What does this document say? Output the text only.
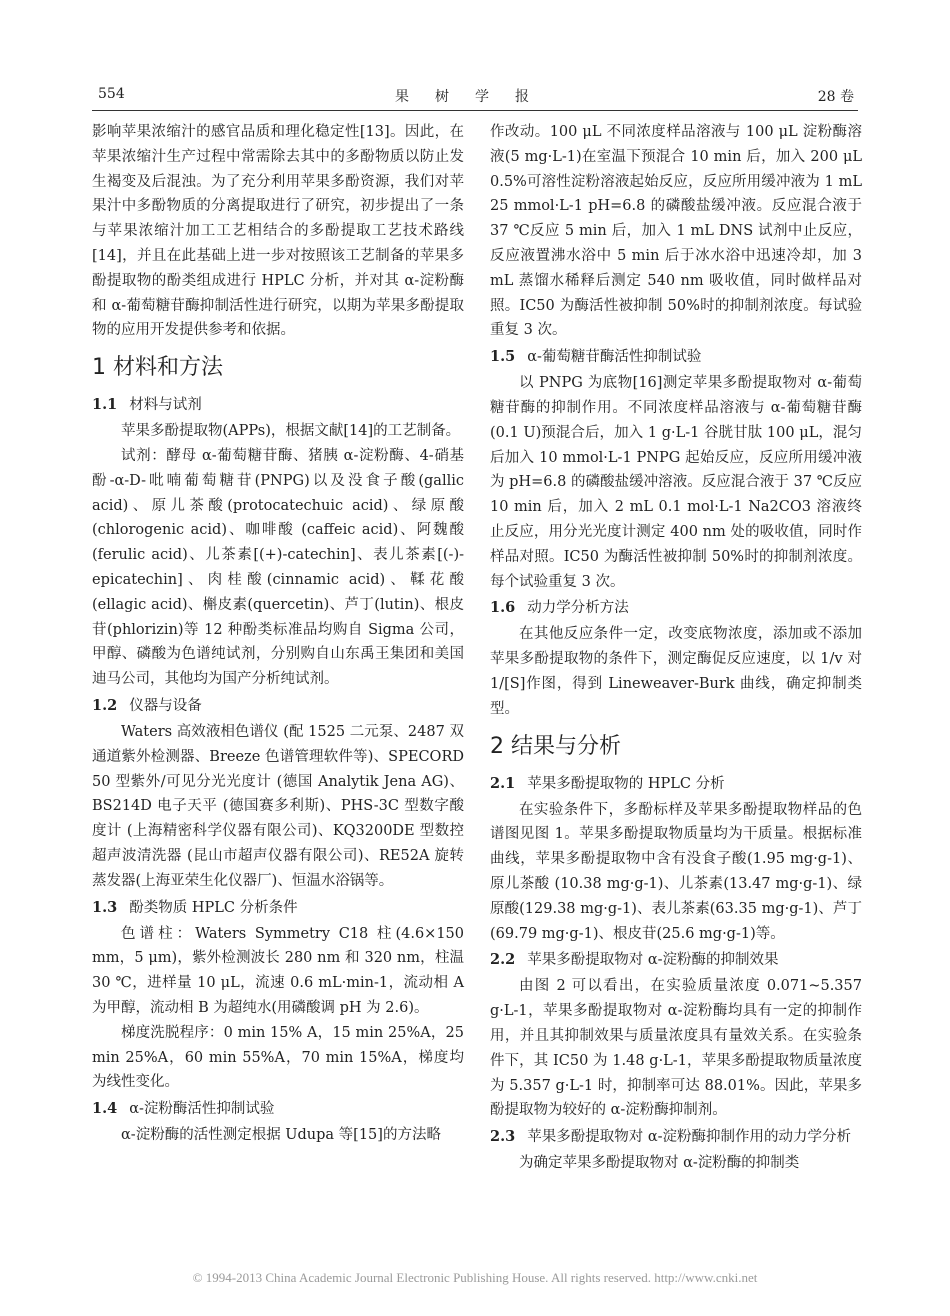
554	果树学报	28 卷

影响苹果浓缩汁的感官品质和理化稳定性[13]。因此，在苹果浓缩汁生产过程中常需除去其中的多酚物质以防止发生褐变及后混浊。为了充分利用苹果多酚资源，我们对苹果汁中多酚物质的分离提取进行了研究，初步提出了一条与苹果浓缩汁加工工艺相结合的多酚提取工艺技术路线[14]，并且在此基础上进一步对按照该工艺制备的苹果多酚提取物的酚类组成进行 HPLC 分析，并对其 α-淀粉酶和 α-葡萄糖苷酶抑制活性进行研究，以期为苹果多酚提取物的应用开发提供参考和依据。

1 材料和方法
1.1 材料与试剂

苹果多酚提取物(APPs)，根据文献[14]的工艺制备。

试剂：酵母 α-葡萄糖苷酶、猪胰 α-淀粉酶、4-硝基酚-α-D-吡喃葡萄糖苷(PNPG)以及没食子酸(gallic acid)、原儿茶酸(protocatechuic acid)、绿原酸(chlorogenic acid)、咖啡酸 (caffeic acid)、阿魏酸(ferulic acid)、儿茶素[(+)-catechin]、表儿茶素[(-)-epicatechin]、肉桂酸(cinnamic acid)、鞣花酸(ellagic acid)、槲皮素(quercetin)、芦丁(lutin)、根皮苷(phlorizin)等 12 种酚类标准品均购自 Sigma 公司，甲醇、磷酸为色谱纯试剂，分别购自山东禹王集团和美国迪马公司，其他均为国产分析纯试剂。

1.2 仪器与设备

Waters 高效液相色谱仪 (配 1525 二元泵、2487 双通道紫外检测器、Breeze 色谱管理软件等)、SPECORD 50 型紫外/可见分光光度计 (德国 Analytik Jena AG)、BS214D 电子天平 (德国赛多利斯)、PHS-3C 型数字酸度计 (上海精密科学仪器有限公司)、KQ3200DE 型数控超声波清洗器 (昆山市超声仪器有限公司)、RE52A 旋转蒸发器(上海亚荣生化仪器厂)、恒温水浴锅等。

1.3 酚类物质 HPLC 分析条件

色谱柱：Waters Symmetry C18 柱(4.6×150 mm，5 μm)，紫外检测波长 280 nm 和 320 nm，柱温 30 ℃，进样量 10 μL，流速 0.6 mL·min-1，流动相 A 为甲醇，流动相 B 为超纯水(用磷酸调 pH 为 2.6)。

梯度洗脱程序：0 min 15% A，15 min 25%A，25 min 25%A，60 min 55%A，70 min 15%A，梯度均为线性变化。

1.4 α-淀粉酶活性抑制试验

α-淀粉酶的活性测定根据 Udupa 等[15]的方法略

作改动。100 μL 不同浓度样品溶液与 100 μL 淀粉酶溶液(5 mg·L-1)在室温下预混合 10 min 后，加入 200 μL 0.5%可溶性淀粉溶液起始反应，反应所用缓冲液为 1 mL 25 mmol·L-1 pH=6.8 的磷酸盐缓冲液。反应混合液于 37 ℃反应 5 min 后，加入 1 mL DNS 试剂中止反应，反应液置沸水浴中 5 min 后于冰水浴中迅速冷却，加 3 mL 蒸馏水稀释后测定 540 nm 吸收值，同时做样品对照。IC50 为酶活性被抑制 50%时的抑制剂浓度。每试验重复 3 次。

1.5 α-葡萄糖苷酶活性抑制试验

以 PNPG 为底物[16]测定苹果多酚提取物对 α-葡萄糖苷酶的抑制作用。不同浓度样品溶液与 α-葡萄糖苷酶(0.1 U)预混合后，加入 1 g·L-1 谷胱甘肽 100 μL，混匀后加入 10 mmol·L-1 PNPG 起始反应，反应所用缓冲液为 pH=6.8 的磷酸盐缓冲溶液。反应混合液于 37 ℃反应 10 min 后，加入 2 mL 0.1 mol·L-1 Na2CO3 溶液终止反应，用分光光度计测定 400 nm 处的吸收值，同时作样品对照。IC50 为酶活性被抑制 50%时的抑制剂浓度。每个试验重复 3 次。

1.6 动力学分析方法

在其他反应条件一定，改变底物浓度，添加或不添加苹果多酚提取物的条件下，测定酶促反应速度，以 1/v 对 1/[S]作图，得到 Lineweaver-Burk 曲线，确定抑制类型。

2 结果与分析
2.1 苹果多酚提取物的 HPLC 分析

在实验条件下，多酚标样及苹果多酚提取物样品的色谱图见图 1。苹果多酚提取物质量均为干质量。根据标准曲线，苹果多酚提取物中含有没食子酸(1.95 mg·g-1)、原儿茶酸 (10.38 mg·g-1)、儿茶素(13.47 mg·g-1)、绿原酸(129.38 mg·g-1)、表儿茶素(63.35 mg·g-1)、芦丁 (69.79 mg·g-1)、根皮苷(25.6 mg·g-1)等。

2.2 苹果多酚提取物对 α-淀粉酶的抑制效果

由图 2 可以看出，在实验质量浓度 0.071~5.357 g·L-1，苹果多酚提取物对 α-淀粉酶均具有一定的抑制作用，并且其抑制效果与质量浓度具有量效关系。在实验条件下，其 IC50 为 1.48 g·L-1，苹果多酚提取物质量浓度为 5.357 g·L-1 时，抑制率可达 88.01%。因此，苹果多酚提取物为较好的 α-淀粉酶抑制剂。

2.3 苹果多酚提取物对 α-淀粉酶抑制作用的动力学分析

为确定苹果多酚提取物对 α-淀粉酶的抑制类

© 1994-2013 China Academic Journal Electronic Publishing House. All rights reserved. http://www.cnki.net
